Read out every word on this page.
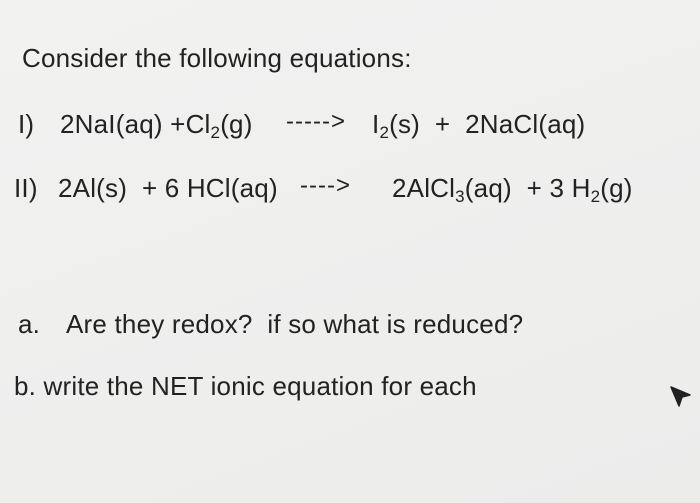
Consider the following equations:
I) $2NaI(aq) +Cl_2(g)$ -----> $I_2(s)$  +  2NaCl(aq)
II) 2Al(s)  + 6 HCl(aq) ----> 2AlCl$_3$(aq)  + 3 $H_2(g)$
a. Are they redox?  if so what is reduced?
b. write the NET ionic equation for each
